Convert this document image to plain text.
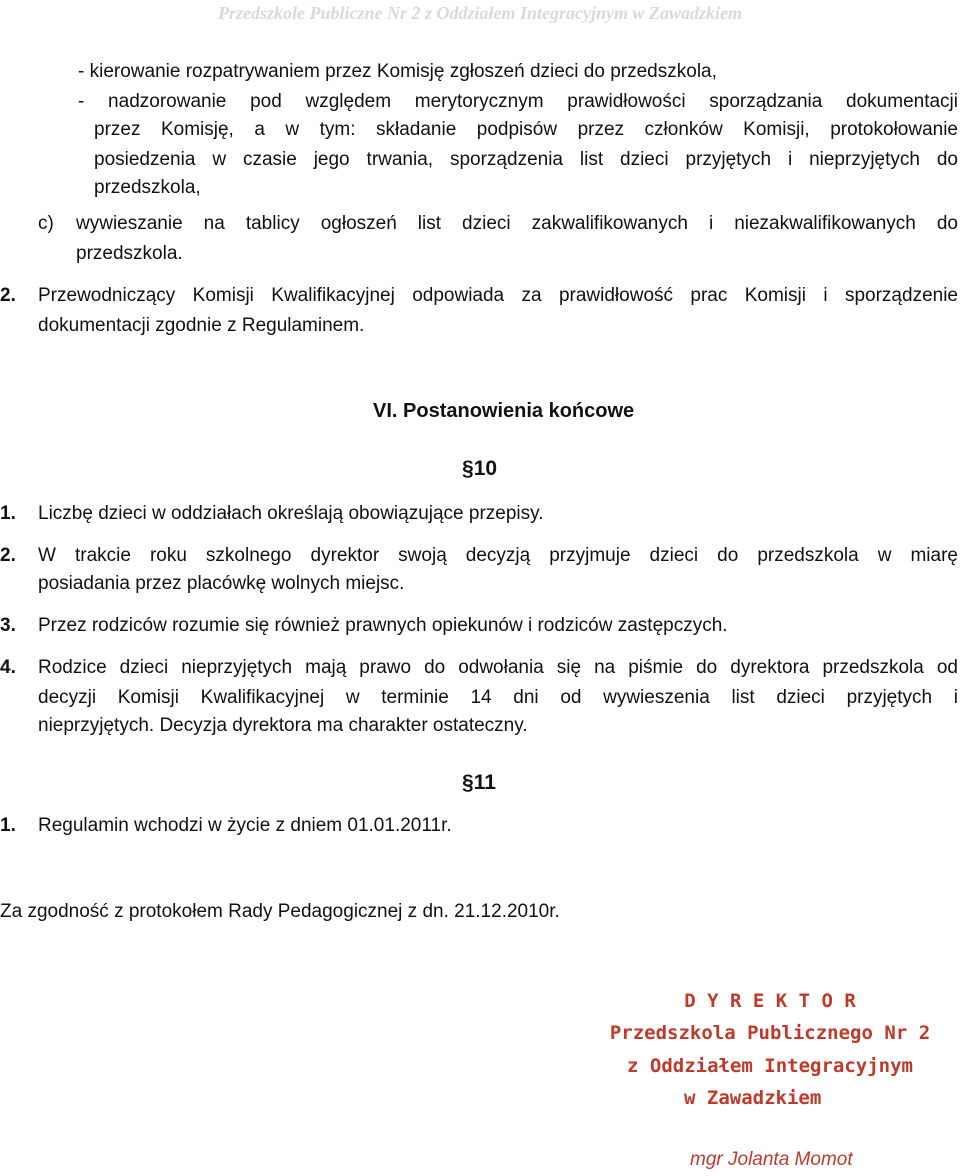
Przedszkole Publiczne Nr 2 z Oddziałem Integracyjnym w Zawadzkiem
- kierowanie rozpatrywaniem przez Komisję zgłoszeń dzieci do przedszkola,
- nadzorowanie pod względem merytorycznym prawidłowości sporządzania dokumentacji
przez Komisję, a w tym: składanie podpisów przez członków Komisji, protokołowanie
posiedzenia w czasie jego trwania, sporządzenia list dzieci przyjętych i nieprzyjętych do
przedszkola,
c) wywieszanie na tablicy ogłoszeń list dzieci zakwalifikowanych i niezakwalifikowanych do
przedszkola.
2. Przewodniczący Komisji Kwalifikacyjnej odpowiada za prawidłowość prac Komisji i sporządzenie
dokumentacji zgodnie z Regulaminem.
VI. Postanowienia końcowe
§10
1. Liczbę dzieci w oddziałach określają obowiązujące przepisy.
2. W trakcie roku szkolnego dyrektor swoją decyzją przyjmuje dzieci do przedszkola w miarę
posiadania przez placówkę wolnych miejsc.
3. Przez rodziców rozumie się również prawnych opiekunów i rodziców zastępczych.
4. Rodzice dzieci nieprzyjętych mają prawo do odwołania się na piśmie do dyrektora przedszkola od
decyzji Komisji Kwalifikacyjnej w terminie 14 dni od wywieszenia list dzieci przyjętych i
nieprzyjętych. Decyzja dyrektora ma charakter ostateczny.
§11
1. Regulamin wchodzi w życie z dniem 01.01.2011r.
Za zgodność z protokołem Rady Pedagogicznej z dn. 21.12.2010r.
D Y R E K T O R
Przedszkola Publicznego Nr 2
z Oddziałem Integracyjnym
w Zawadzkiem
mgr Jolanta Momot
